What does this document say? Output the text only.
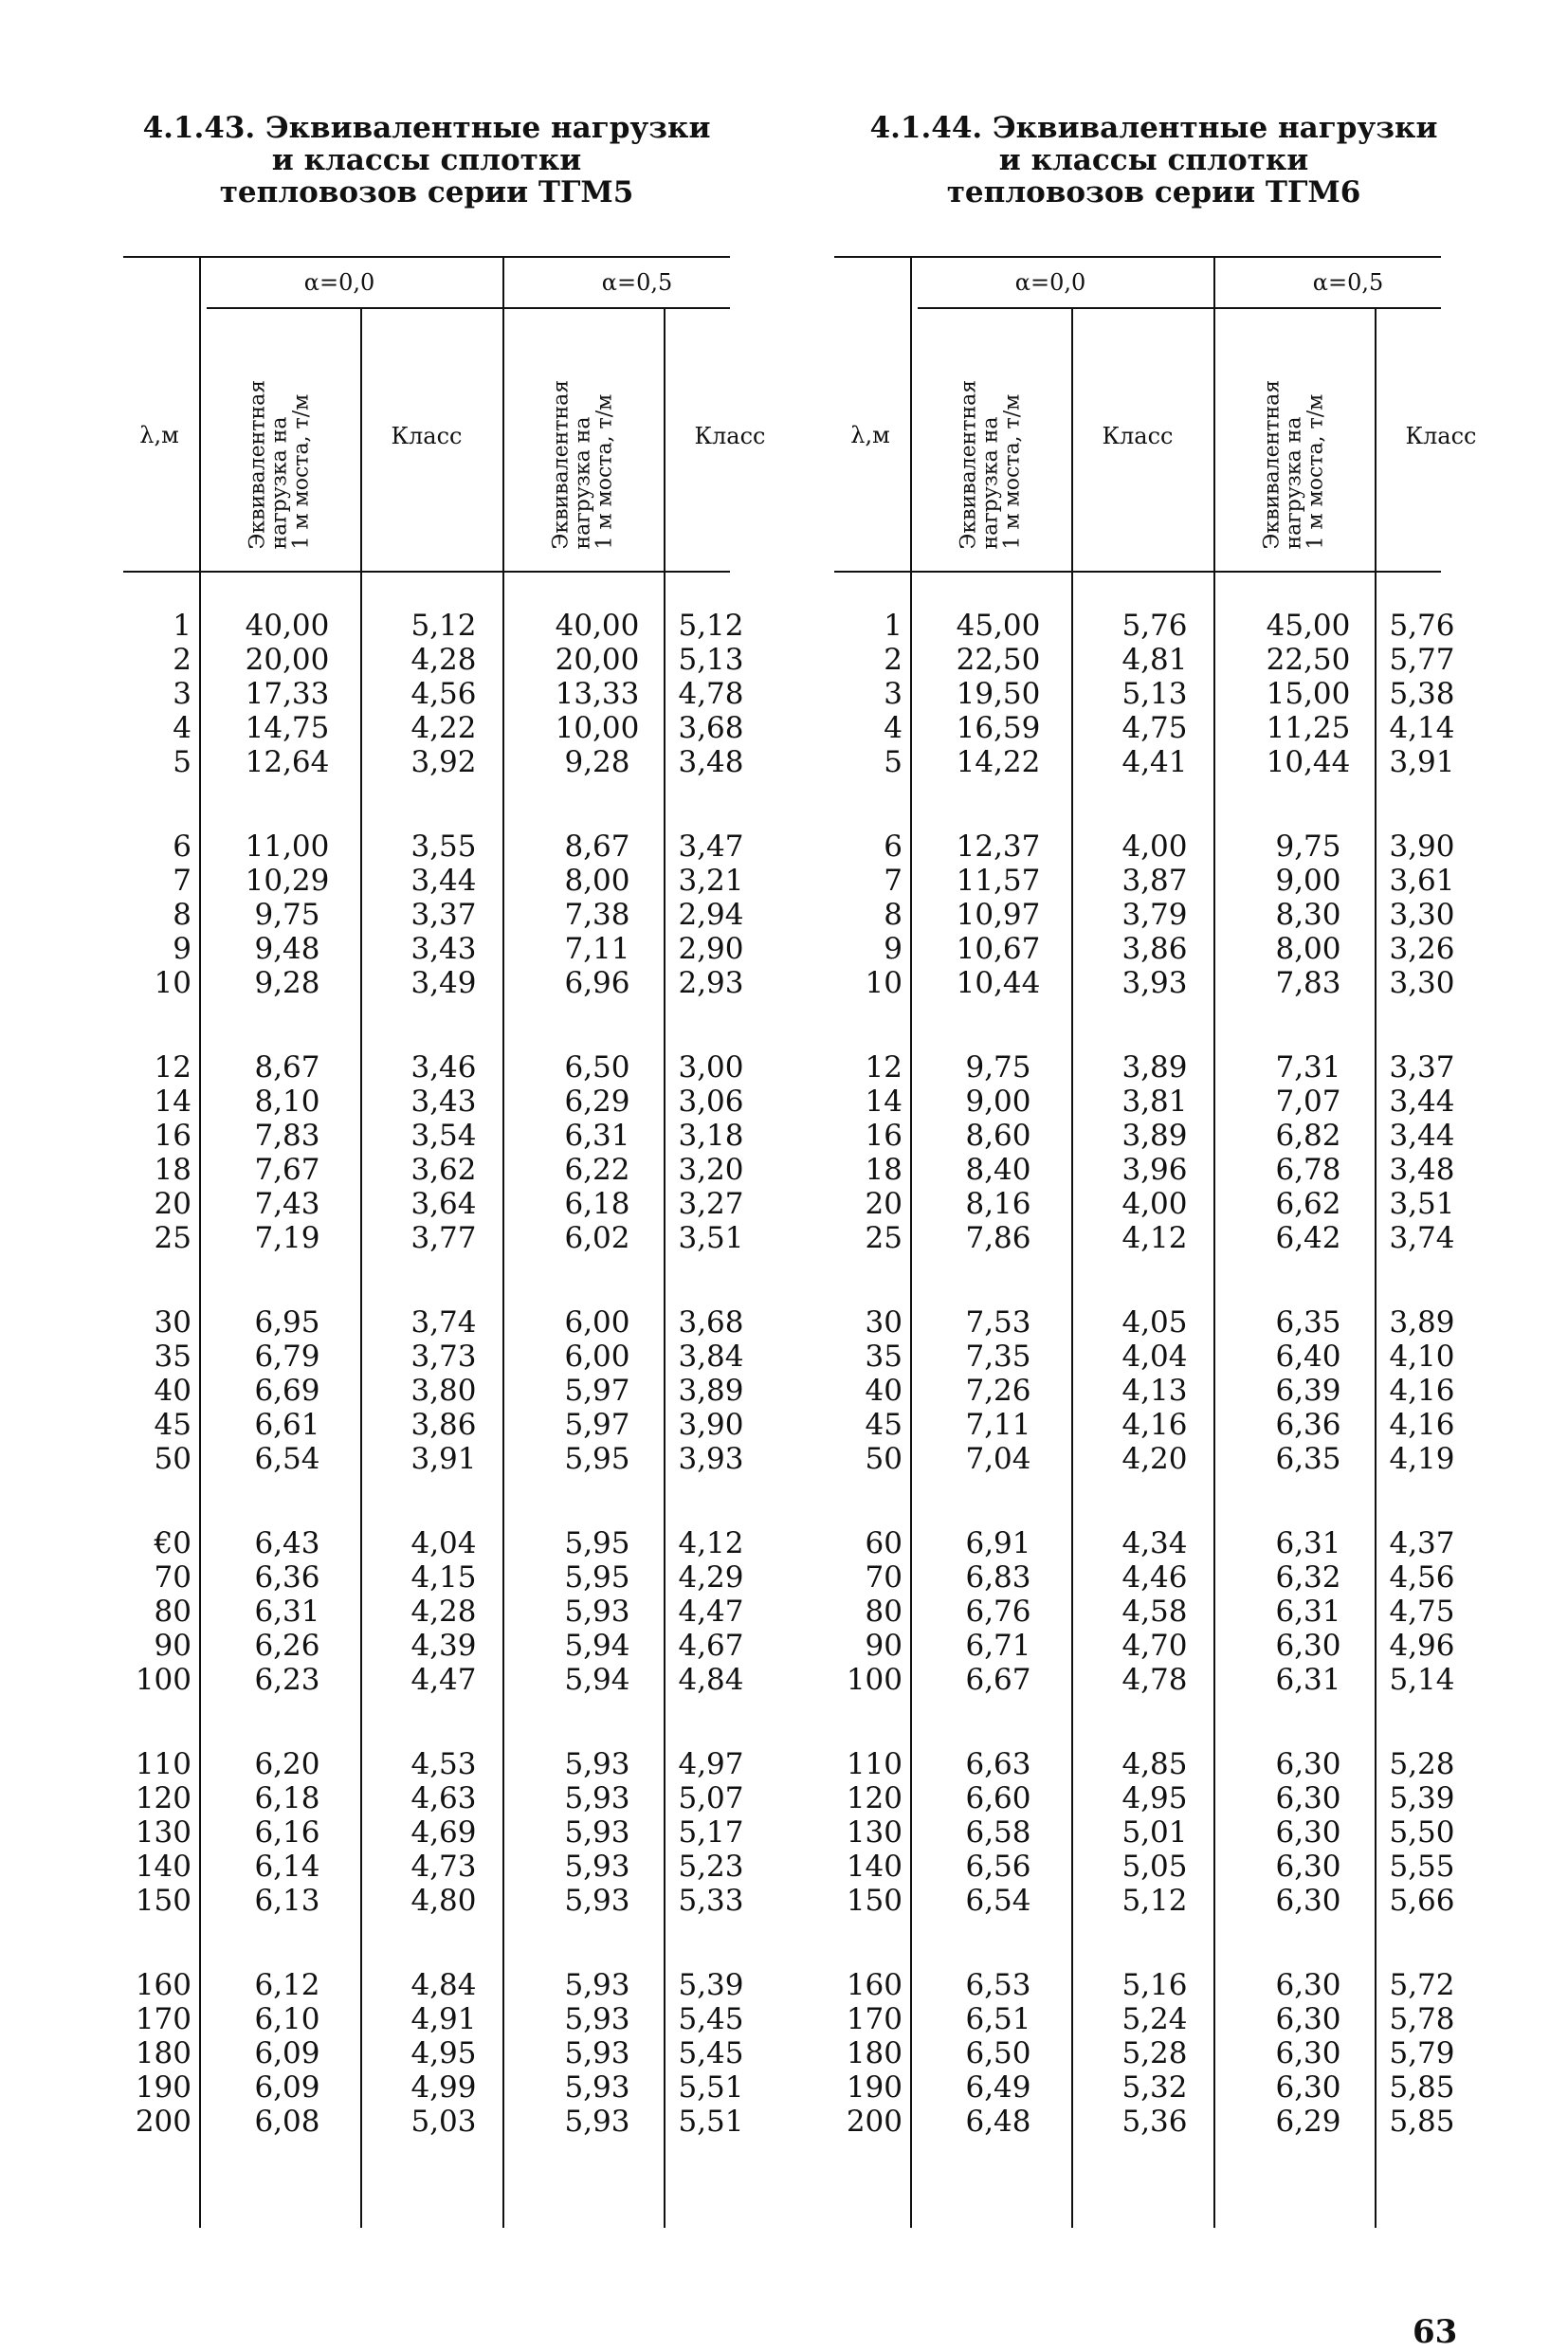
4.1.43. Эквивалентные нагрузки
и классы сплотки
тепловозов серии ТГМ5
α=0,0	α=0,5
λ,м	Эквивалентная
нагрузка на
1 м моста, т/м	Класс	Эквивалентная
нагрузка на
1 м моста, т/м	Класс
1	40,00	5,12	40,00	5,12
2	20,00	4,28	20,00	5,13
3	17,33	4,56	13,33	4,78
4	14,75	4,22	10,00	3,68
5	12,64	3,92	9,28	3,48
6	11,00	3,55	8,67	3,47
7	10,29	3,44	8,00	3,21
8	9,75	3,37	7,38	2,94
9	9,48	3,43	7,11	2,90
10	9,28	3,49	6,96	2,93
12	8,67	3,46	6,50	3,00
14	8,10	3,43	6,29	3,06
16	7,83	3,54	6,31	3,18
18	7,67	3,62	6,22	3,20
20	7,43	3,64	6,18	3,27
25	7,19	3,77	6,02	3,51
30	6,95	3,74	6,00	3,68
35	6,79	3,73	6,00	3,84
40	6,69	3,80	5,97	3,89
45	6,61	3,86	5,97	3,90
50	6,54	3,91	5,95	3,93
€0	6,43	4,04	5,95	4,12
70	6,36	4,15	5,95	4,29
80	6,31	4,28	5,93	4,47
90	6,26	4,39	5,94	4,67
100	6,23	4,47	5,94	4,84
110	6,20	4,53	5,93	4,97
120	6,18	4,63	5,93	5,07
130	6,16	4,69	5,93	5,17
140	6,14	4,73	5,93	5,23
150	6,13	4,80	5,93	5,33
160	6,12	4,84	5,93	5,39
170	6,10	4,91	5,93	5,45
180	6,09	4,95	5,93	5,45
190	6,09	4,99	5,93	5,51
200	6,08	5,03	5,93	5,51
4.1.44. Эквивалентные нагрузки
и классы сплотки
тепловозов серии ТГМ6
α=0,0	α=0,5
λ,м	Эквивалентная
нагрузка на
1 м моста, т/м	Класс	Эквивалентная
нагрузка на
1 м моста, т/м	Класс
1	45,00	5,76	45,00	5,76
2	22,50	4,81	22,50	5,77
3	19,50	5,13	15,00	5,38
4	16,59	4,75	11,25	4,14
5	14,22	4,41	10,44	3,91
6	12,37	4,00	9,75	3,90
7	11,57	3,87	9,00	3,61
8	10,97	3,79	8,30	3,30
9	10,67	3,86	8,00	3,26
10	10,44	3,93	7,83	3,30
12	9,75	3,89	7,31	3,37
14	9,00	3,81	7,07	3,44
16	8,60	3,89	6,82	3,44
18	8,40	3,96	6,78	3,48
20	8,16	4,00	6,62	3,51
25	7,86	4,12	6,42	3,74
30	7,53	4,05	6,35	3,89
35	7,35	4,04	6,40	4,10
40	7,26	4,13	6,39	4,16
45	7,11	4,16	6,36	4,16
50	7,04	4,20	6,35	4,19
60	6,91	4,34	6,31	4,37
70	6,83	4,46	6,32	4,56
80	6,76	4,58	6,31	4,75
90	6,71	4,70	6,30	4,96
100	6,67	4,78	6,31	5,14
110	6,63	4,85	6,30	5,28
120	6,60	4,95	6,30	5,39
130	6,58	5,01	6,30	5,50
140	6,56	5,05	6,30	5,55
150	6,54	5,12	6,30	5,66
160	6,53	5,16	6,30	5,72
170	6,51	5,24	6,30	5,78
180	6,50	5,28	6,30	5,79
190	6,49	5,32	6,30	5,85
200	6,48	5,36	6,29	5,85
63
